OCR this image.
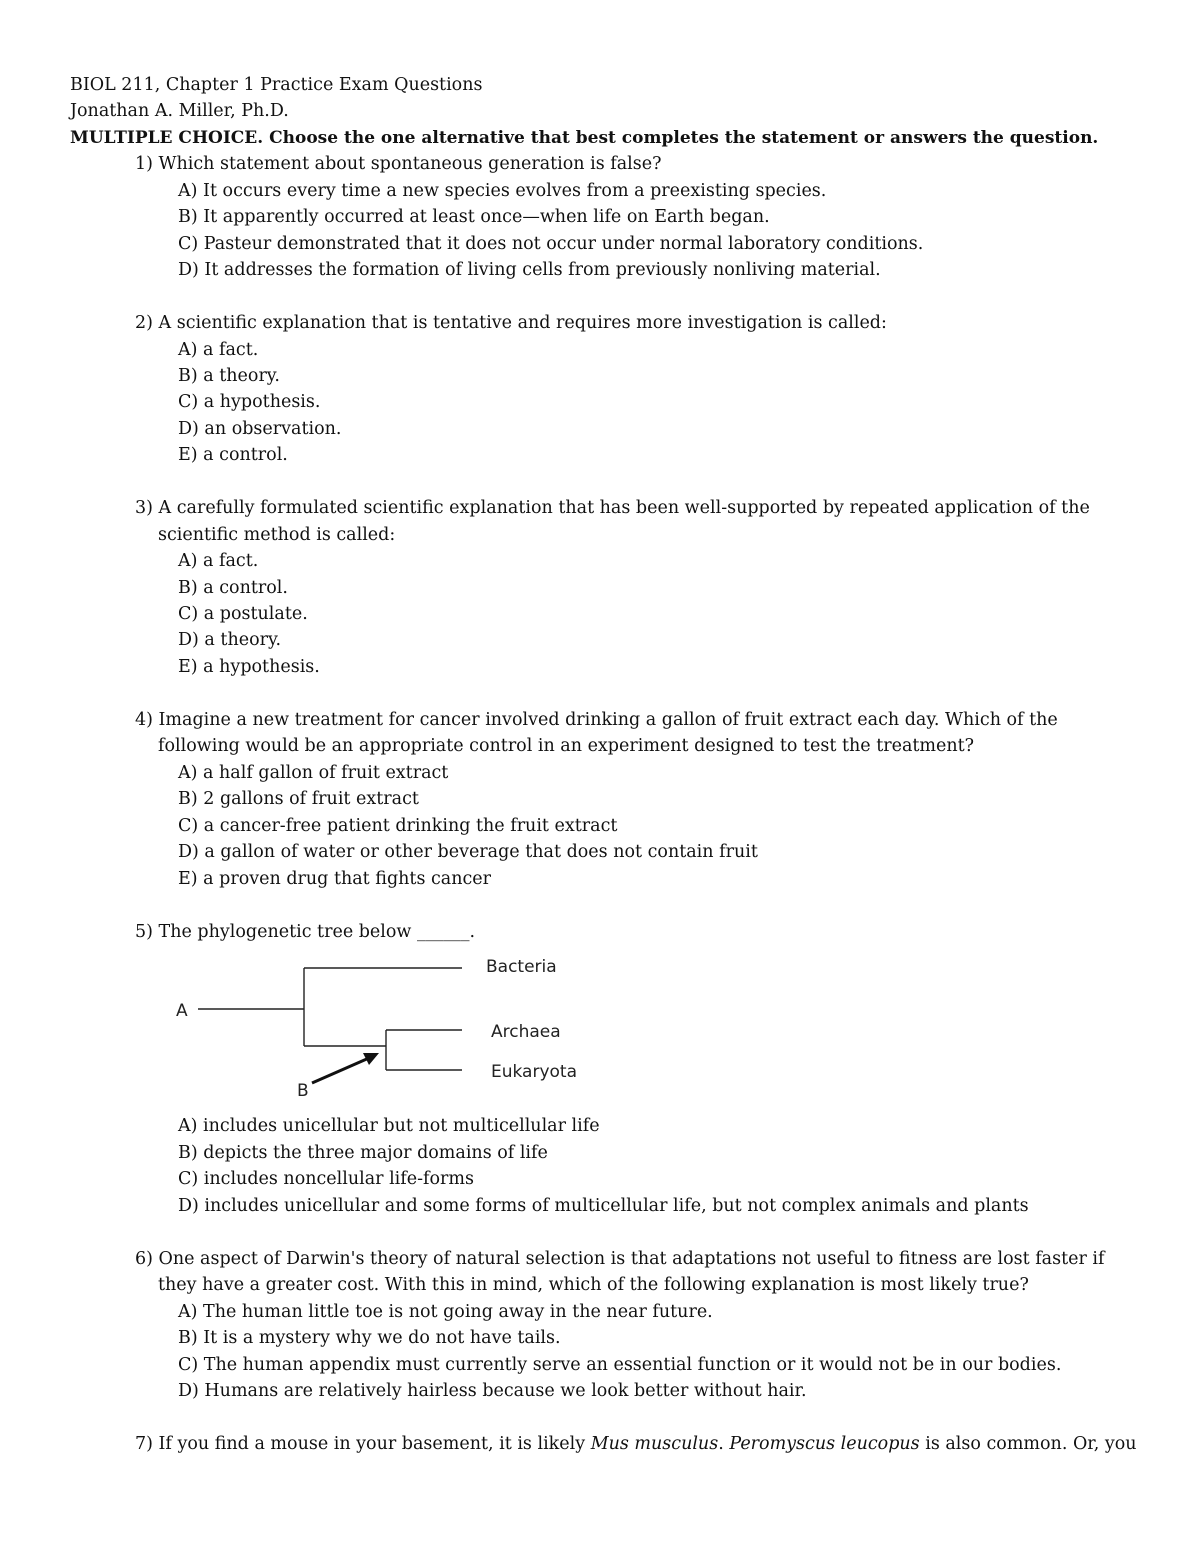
BIOL 211, Chapter 1 Practice Exam Questions
Jonathan A. Miller, Ph.D.
MULTIPLE CHOICE. Choose the one alternative that best completes the statement or answers the question.
1) Which statement about spontaneous generation is false?
A) It occurs every time a new species evolves from a preexisting species.
B) It apparently occurred at least once—when life on Earth began.
C) Pasteur demonstrated that it does not occur under normal laboratory conditions.
D) It addresses the formation of living cells from previously nonliving material.
2) A scientific explanation that is tentative and requires more investigation is called:
A) a fact.
B) a theory.
C) a hypothesis.
D) an observation.
E) a control.
3) A carefully formulated scientific explanation that has been well-supported by repeated application of the
scientific method is called:
A) a fact.
B) a control.
C) a postulate.
D) a theory.
E) a hypothesis.
4) Imagine a new treatment for cancer involved drinking a gallon of fruit extract each day. Which of the
following would be an appropriate control in an experiment designed to test the treatment?
A) a half gallon of fruit extract
B) 2 gallons of fruit extract
C) a cancer-free patient drinking the fruit extract
D) a gallon of water or other beverage that does not contain fruit
E) a proven drug that fights cancer
5) The phylogenetic tree below ______.
A
B
Bacteria
Archaea
Eukaryota
A) includes unicellular but not multicellular life
B) depicts the three major domains of life
C) includes noncellular life-forms
D) includes unicellular and some forms of multicellular life, but not complex animals and plants
6) One aspect of Darwin's theory of natural selection is that adaptations not useful to fitness are lost faster if
they have a greater cost. With this in mind, which of the following explanation is most likely true?
A) The human little toe is not going away in the near future.
B) It is a mystery why we do not have tails.
C) The human appendix must currently serve an essential function or it would not be in our bodies.
D) Humans are relatively hairless because we look better without hair.
7) If you find a mouse in your basement, it is likely Mus musculus. Peromyscus leucopus is also common. Or, you
